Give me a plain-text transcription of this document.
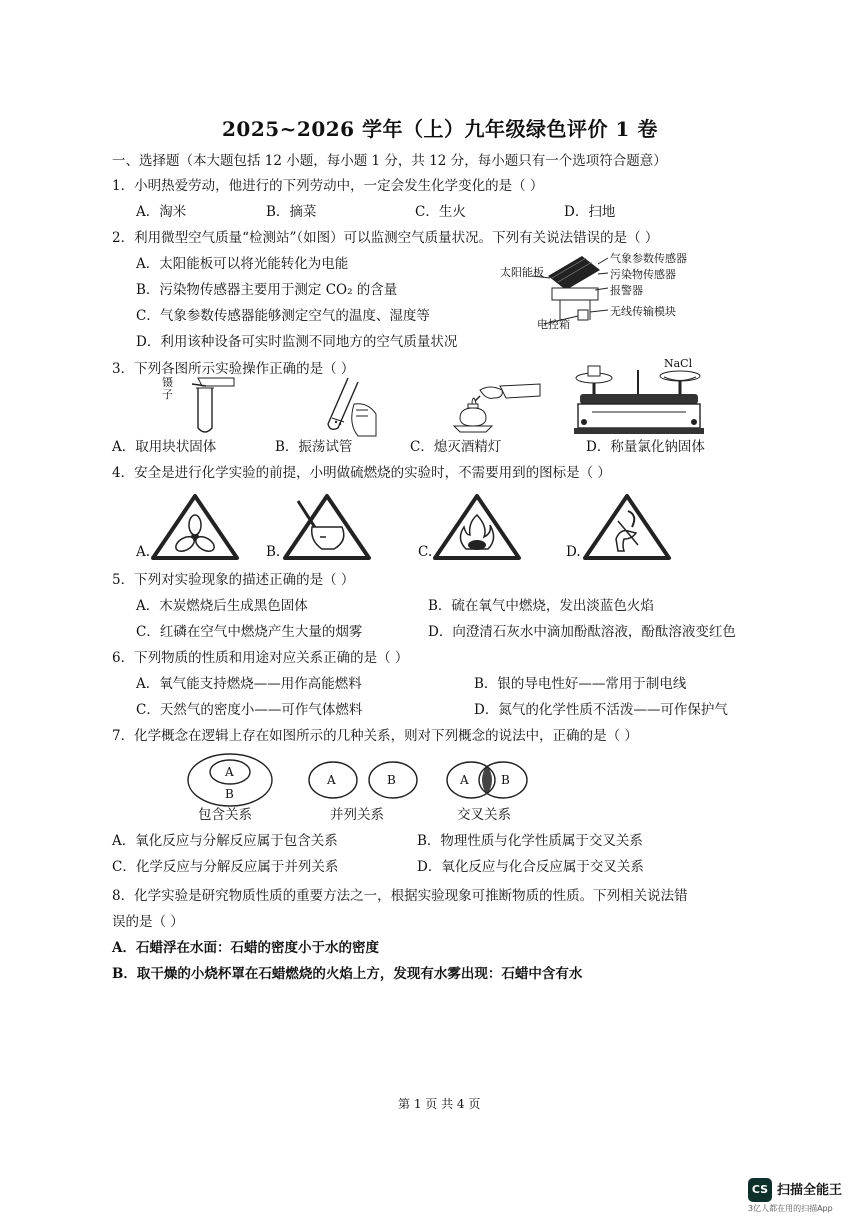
2025~2026 学年（上）九年级绿色评价 1 卷
一、选择题（本大题包括 12 小题，每小题 1 分，共 12 分，每小题只有一个选项符合题意）
1．小明热爱劳动，他进行的下列劳动中，一定会发生化学变化的是（ ）
A．淘米	B．摘菜	C．生火	D．扫地
2．利用微型空气质量“检测站”（如图）可以监测空气质量状况。下列有关说法错误的是（ ）
A．太阳能板可以将光能转化为电能
B．污染物传感器主要用于测定 CO₂ 的含量
C．气象参数传感器能够测定空气的温度、湿度等
D．利用该种设备可实时监测不同地方的空气质量状况
太阳能板
气象参数传感器
污染物传感器
报警器
无线传输模块
电控箱
3．下列各图所示实验操作正确的是（ ）
镊子
NaCl
A．取用块状固体	B．振荡试管	C．熄灭酒精灯	D．称量氯化钠固体
4．安全是进行化学实验的前提，小明做硫燃烧的实验时，不需要用到的图标是（ ）
A.	B.	C.	D.
5．下列对实验现象的描述正确的是（ ）
A．木炭燃烧后生成黑色固体	B．硫在氧气中燃烧，发出淡蓝色火焰
C．红磷在空气中燃烧产生大量的烟雾	D．向澄清石灰水中滴加酚酞溶液，酚酞溶液变红色
6．下列物质的性质和用途对应关系正确的是（ ）
A．氧气能支持燃烧——用作高能燃料	B．银的导电性好——常用于制电线
C．天然气的密度小——可作气体燃料	D．氮气的化学性质不活泼——可作保护气
7．化学概念在逻辑上存在如图所示的几种关系，则对下列概念的说法中，正确的是（ ）
A
B
A	B	A	B
包含关系	并列关系	交叉关系
A．氧化反应与分解反应属于包含关系	B．物理性质与化学性质属于交叉关系
C．化学反应与分解反应属于并列关系	D．氧化反应与化合反应属于交叉关系
8．化学实验是研究物质性质的重要方法之一，根据实验现象可推断物质的性质。下列相关说法错
误的是（ ）
A．石蜡浮在水面：石蜡的密度小于水的密度
B．取干燥的小烧杯罩在石蜡燃烧的火焰上方，发现有水雾出现：石蜡中含有水
第 1 页 共 4 页
CS 扫描全能王
3亿人都在用的扫描App
